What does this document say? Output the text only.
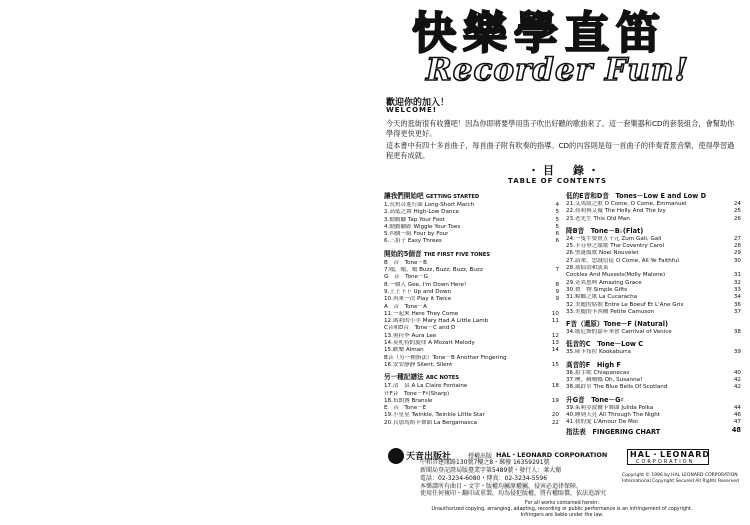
快樂學直笛
Recorder Fun!
歡迎你的加入！
WELCOME!

今天的逛街很有收獲吧！因為你即將要學用笛子吹出好聽的歌曲來了。這一套樂器和CD的套裝組合，會幫助你學得更快更好。

這本書中有四十多首曲子，每首曲子附有吹奏的指導。CD的內容則是每一首曲子的伴奏背景音樂，使得學習過程更有成就。

・目　錄・
TABLE OF CONTENTS
讓我們開始吧 GETTING STARTED
1.長短音進行曲 Long-Short March	4
2.高低之舞 High-Low Dance	5
3.動動腳 Tap Your Foot	5
4.動動腳趾 Wiggle Your Toes	5
5.四個一組 Four by Four	6
6.三拍子 Easy Threes	6
開始的5個音 THE FIRST FIVE TONES
B　音　Tone－B
7.嗡，嗡，嗡 Buzz, Buzz, Buzz, Buzz	7
G　音　Tone－G
8.一個人 Gee, I'm Down Here!	8
9.上上下下 Up and Down	9
10.再來一次 Play it Twice	9
A　音　Tone－A
11.一起來 Here They Come	10
12.瑪莉的小羊 Mary Had A Little Lamb	11
C音和D音　Tone－C and D
13.奧拉李 Aura Lee	12
14.莫札特的旋律 A Mozart Melody	13
15.歡樂 Alman	14
B音（另一種指法）Tone－B Another Fingering
16.安安靜靜 Silent, Silent	15
另一種記譜法 ABC NOTES
17.清　泉 A La Claire Fontaine	18
升F音　Tone－F♯(Sharp)
18.布朗賽 Bransle	19
E　音　Tone－E
19.小星星 Twinkle, Twinkle Little Star	20
20.貝加馬斯卡舞曲 La Bergamasca	22
低的E音和D音　Tones－Low E and Low D
21.艾馬紐之歌 O Come, O Come, Emmanuel	24
22.荷莉與艾薇 The Holly And The Ivy	25
23.老先生 This Old Man	26
降B音　Tone－B♭(Flat)
24.一隻牛要賣五千元 Zum Gali, Gali	27
25.卡芬垂之頌歌 The Coventry Carol	28
26.聖誕頌歌 Noel Nouvelet	29
27.請來，忠誠信徒 O Come, All Ye Faithful	30
28.塞仙翁和淡菜
Cockles And Mussels(Molly Malone)	31
29.奇異恩典 Amazing Grace	32
30.禮　物 Simple Gifts	33
31.蟑螂之歌 La Cucaracha	34
32.美麗的姑娘 Entre Le Boeuf Et L'Ane Gris	36
33.美麗的卡西爾 Petite Camuson	37
F音（還原）Tone－F (Natural)
34.威尼斯的嘉年華會 Carnival of Venice	38
低音的C　Tone－Low C
35.庫卡布拉 Kookaburra	39
高音的F　High F
36.拍手歌 Chiapanecas	40
37.噢，蘇珊娜 Oh, Susanna!	42
38.風鈴草 The Blue Bells Of Scotland	42
升G音　Tone－G♯
39.茱莉亞波爾卡舞曲 Julida Polka	44
40.睡到天亮 All Through The Night	46
41.我的愛 L'Amour De Moi	47
指法表　FINGERING CHART	48
天音出版社	授權出版 HAL・LEONARD CORPORATION
中和市建康路130號7樓之8・郵撥 16359291號
新聞局登記證局版臺業字第5489號・發行人：莱大衛
電話：02-3234-6080・傳真：02-3234-5596
本樂譜所有曲目・文字・版權均屬原權屬，侵害必追律保障。
使用任何複印・翻印或重製，均為侵犯版權，將有權賠償，依法追訴究
HAL・LEONARD
CORPORATION
Copyright © 1996 by HAL LEONARD CORPORATION
International Copyright Secured All Rights Reserved
For all works contained herein:
Unauthorized copying, arranging, adapting, recording or public performance is an infringement of copyright.
Infringers are liable under the law.
